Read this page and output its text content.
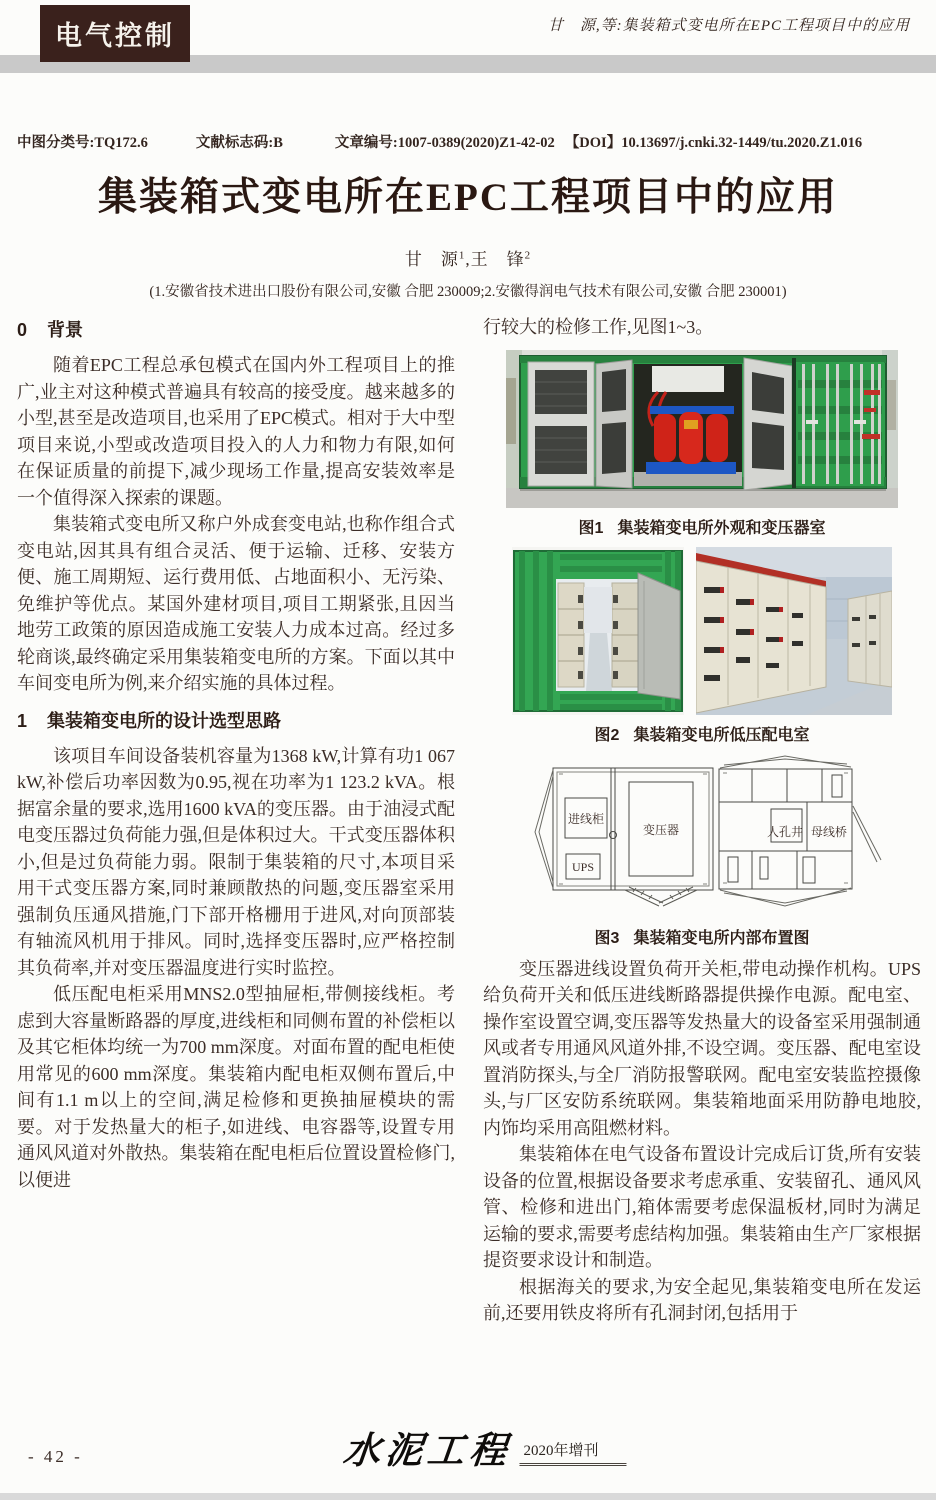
电气控制	甘　源,等:集装箱式变电所在EPC工程项目中的应用
中图分类号:TQ172.6	文献标志码:B	文章编号:1007-0389(2020)Z1-42-02 【DOI】10.13697/j.cnki.32-1449/tu.2020.Z1.016
集装箱式变电所在EPC工程项目中的应用
甘　源$^1$,王　锋$^2$
(1.安徽省技术进出口股份有限公司,安徽 合肥 230009;2.安徽得润电气技术有限公司,安徽 合肥 230001)
0 背景

随着EPC工程总承包模式在国内外工程项目上的推广,业主对这种模式普遍具有较高的接受度。越来越多的小型,甚至是改造项目,也采用了EPC模式。相对于大中型项目来说,小型或改造项目投入的人力和物力有限,如何在保证质量的前提下,减少现场工作量,提高安装效率是一个值得深入探索的课题。

集装箱式变电所又称户外成套变电站,也称作组合式变电站,因其具有组合灵活、便于运输、迁移、安装方便、施工周期短、运行费用低、占地面积小、无污染、免维护等优点。某国外建材项目,项目工期紧张,且因当地劳工政策的原因造成施工安装人力成本过高。经过多轮商谈,最终确定采用集装箱变电所的方案。下面以其中车间变电所为例,来介绍实施的具体过程。

1 集装箱变电所的设计选型思路

该项目车间设备装机容量为1368 kW,计算有功1 067 kW,补偿后功率因数为0.95,视在功率为1 123.2 kVA。根据富余量的要求,选用1600 kVA的变压器。由于油浸式配电变压器过负荷能力强,但是体积过大。干式变压器体积小,但是过负荷能力弱。限制于集装箱的尺寸,本项目采用干式变压器方案,同时兼顾散热的问题,变压器室采用强制负压通风措施,门下部开格栅用于进风,对向顶部装有轴流风机用于排风。同时,选择变压器时,应严格控制其负荷率,并对变压器温度进行实时监控。

低压配电柜采用MNS2.0型抽屉柜,带侧接线柜。考虑到大容量断路器的厚度,进线柜和同侧布置的补偿柜以及其它柜体均统一为700 mm深度。对面布置的配电柜使用常见的600 mm深度。集装箱内配电柜双侧布置后,中间有1.1 m以上的空间,满足检修和更换抽屉模块的需要。对于发热量大的柜子,如进线、电容器等,设置专用通风风道对外散热。集装箱在配电柜后位置设置检修门,以便进

行较大的检修工作,见图1~3。

图1 集装箱变电所外观和变压器室
图2 集装箱变电所低压配电室
进线柜
UPS
变压器	人孔井 母线桥
图3 集装箱变电所内部布置图

变压器进线设置负荷开关柜,带电动操作机构。UPS给负荷开关和低压进线断路器提供操作电源。配电室、操作室设置空调,变压器等发热量大的设备室采用强制通风或者专用通风风道外排,不设空调。变压器、配电室设置消防探头,与全厂消防报警联网。配电室安装监控摄像头,与厂区安防系统联网。集装箱地面采用防静电地胶,内饰均采用高阻燃材料。

集装箱体在电气设备布置设计完成后订货,所有安装设备的位置,根据设备要求考虑承重、安装留孔、通风风管、检修和进出门,箱体需要考虑保温板材,同时为满足运输的要求,需要考虑结构加强。集装箱由生产厂家根据提资要求设计和制造。

根据海关的要求,为安全起见,集装箱变电所在发运前,还要用铁皮将所有孔洞封闭,包括用于

- 42 -	水泥工程 2020年增刊
